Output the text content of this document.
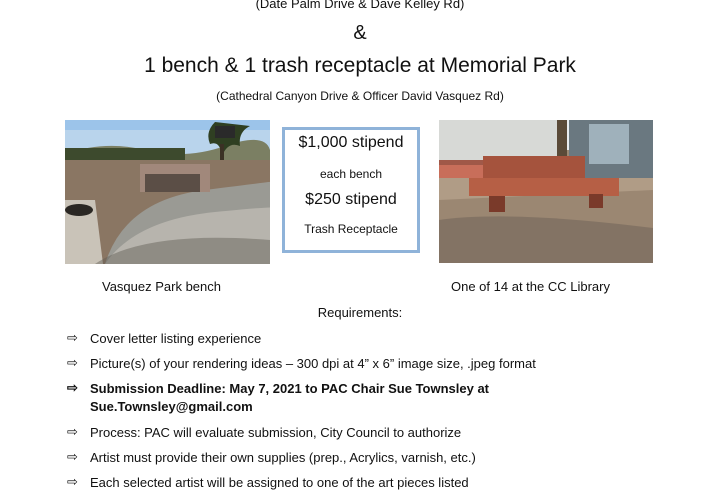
(Date Palm Drive & Dave Kelley Rd)
&
1 bench & 1 trash receptacle at Memorial Park
(Cathedral Canyon Drive & Officer David Vasquez Rd)
$1,000 stipend
each bench
$250 stipend
Trash Receptacle
Vasquez Park bench	One of 14 at the CC Library
Requirements:
⇨ Cover letter listing experience
⇨ Picture(s) of your rendering ideas – 300 dpi at 4” x 6” image size, .jpeg format
⇨ Submission Deadline: May 7, 2021 to PAC Chair Sue Townsley at Sue.Townsley@gmail.com
⇨ Process: PAC will evaluate submission, City Council to authorize
⇨ Artist must provide their own supplies (prep., Acrylics, varnish, etc.)
⇨ Each selected artist will be assigned to one of the art pieces listed
